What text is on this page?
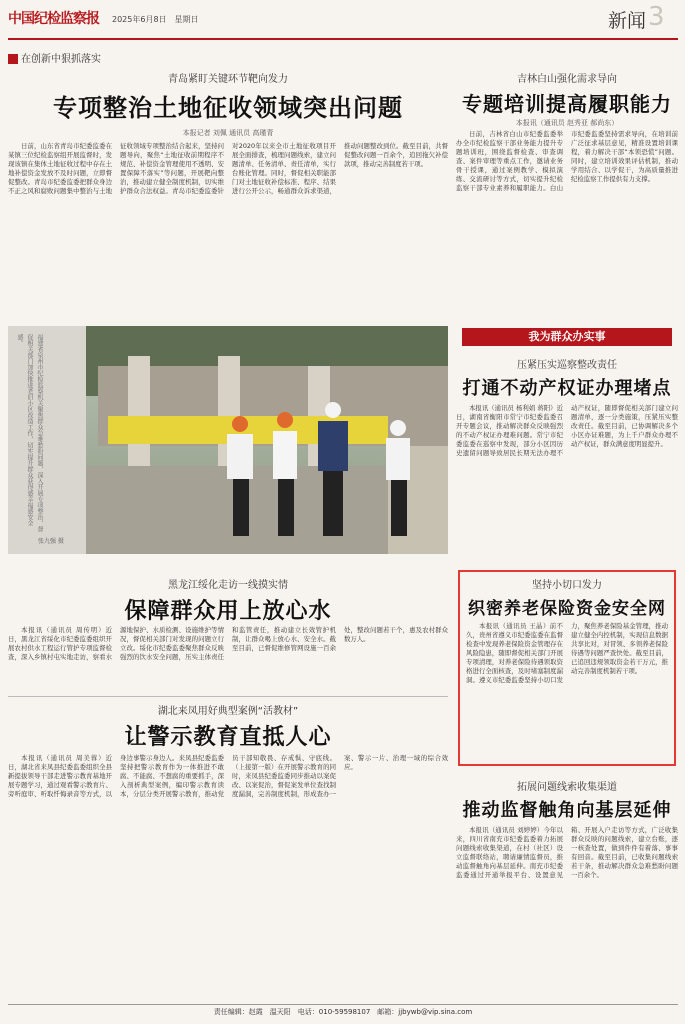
中国纪检监察报 2025年6月8日　星期日	新闻 3
在创新中狠抓落实
青岛紧盯关键环节靶向发力
专项整治土地征收领域突出问题
本报记者 刘佩 通讯员 高瑾青

日前，山东省青岛市纪委监委在某镇三位纪检监察组开展监督时，发现该镇在集体土地征收过程中存在土地补偿资金发放不及时问题，立即督促整改。青岛市纪委监委把群众身边不正之风和腐败问题集中整治与土地征收领域专项整治结合起来，坚持问题导向，聚焦“土地征收前期程序不规范、补偿资金管理使用不透明、安置保障不落实”等问题，开展靶向整治，推动建立健全制度机制，切实维护群众合法权益。青岛市纪委监委针对2020年以来全市土地征收项目开展全面排查，梳理问题线索，建立问题清单、任务清单、责任清单，实行台账化管理。同时，督促相关职能部门对土地征收补偿标准、程序、结果进行公开公示，畅通群众诉求渠道，推动问题整改到位。截至目前，共督促整改问题一百余个，追回拖欠补偿款项，推动完善制度若干项。

福建省泉州市纪检监察机关聚焦群众急难愁盼问题，深入开展专项整治，督促相关部门加快推进老旧小区改造工作，切实提升群众获得感幸福感安全感。
张九强 摄
黑龙江绥化走访一线摸实情
保障群众用上放心水

本报讯（通讯员 周传明）近日，黑龙江省绥化市纪委监委组织开展农村供水工程运行管护专项监督检查，深入乡镇村屯实地走访，察看水源地保护、水质检测、设施维护等情况，督促相关部门对发现的问题立行立改。绥化市纪委监委聚焦群众反映强烈的饮水安全问题，压实主体责任和监管责任，推动建立长效管护机制，让群众喝上放心水、安全水。截至目前，已督促维修管网设施一百余处，整改问题若干个，惠及农村群众数万人。

湖北来凤用好典型案例“活教材”
让警示教育直抵人心

本报讯（通讯员 周美蓉）近日，湖北省来凤县纪委监委组织全县新提拔领导干部走进警示教育基地开展专题学习，通过观看警示教育片、旁听庭审、听取忏悔录音等方式，以身边事警示身边人。来凤县纪委监委坚持把警示教育作为一体推进不敢腐、不能腐、不想腐的重要抓手，深入剖析典型案例，编印警示教育读本，分层分类开展警示教育，推动党员干部知敬畏、存戒惧、守底线。（上接第一版）在开展警示教育的同时，来凤县纪委监委同步推动以案促改、以案促治，督促案发单位查找制度漏洞，完善制度机制，形成查办一案、警示一片、治理一域的综合效应。

吉林白山强化需求导向
专题培训提高履职能力
本报讯（通讯员 赵秀亚 郝尚东）

日前，吉林省白山市纪委监委举办全市纪检监察干部业务能力提升专题培训班，围绕监督检查、审查调查、案件审理等重点工作，邀请业务骨干授课，通过案例教学、模拟演练、交流研讨等方式，切实提升纪检监察干部专业素养和履职能力。白山市纪委监委坚持需求导向，在培训前广泛征求基层意见，精准设置培训课程，着力解决干部“本领恐慌”问题。同时，建立培训效果评估机制，推动学用结合、以学促干，为高质量推进纪检监察工作提供有力支撑。

我为群众办实事
压紧压实巡察整改责任
打通不动产权证办理堵点

本报讯（通讯员 杨利娟 蒋阳）近日，湖南省衡阳市常宁市纪委监委召开专题会议，推动解决群众反映强烈的不动产权证办理难问题。常宁市纪委监委在巡察中发现，部分小区因历史遗留问题导致居民长期无法办理不动产权证，随即督促相关部门建立问题清单，逐一分类施策，压紧压实整改责任。截至目前，已协调解决多个小区办证难题，为上千户群众办理不动产权证，群众满意度明显提升。

坚持小切口发力
织密养老保险资金安全网

本报讯（通讯员 王晶）前不久，贵州省遵义市纪委监委在监督检查中发现养老保险资金管理存在风险隐患，随即督促相关部门开展专项清理，对养老保险待遇领取资格进行全面核查，及时堵塞制度漏洞。遵义市纪委监委坚持小切口发力，聚焦养老保险基金管理，推动建立健全内控机制，实现信息数据共享比对，对冒领、多领养老保险待遇等问题严查快处。截至目前，已追回违规领取资金若干万元，推动完善制度机制若干项。

拓展问题线索收集渠道
推动监督触角向基层延伸

本报讯（通讯员 刘婷婷）今年以来，四川省南充市纪委监委着力拓展问题线索收集渠道，在村（社区）设立监督联络站，聘请廉情监督员，推动监督触角向基层延伸。南充市纪委监委通过开通举报平台、设置意见箱、开展入户走访等方式，广泛收集群众反映的问题线索，建立台账，逐一核查处置，做到件件有着落、事事有回音。截至目前，已收集问题线索若干条，推动解决群众急难愁盼问题一百余个。

责任编辑：赵霞　温天阳　电话：010-59598107　邮箱：jjbywb@vip.sina.com
